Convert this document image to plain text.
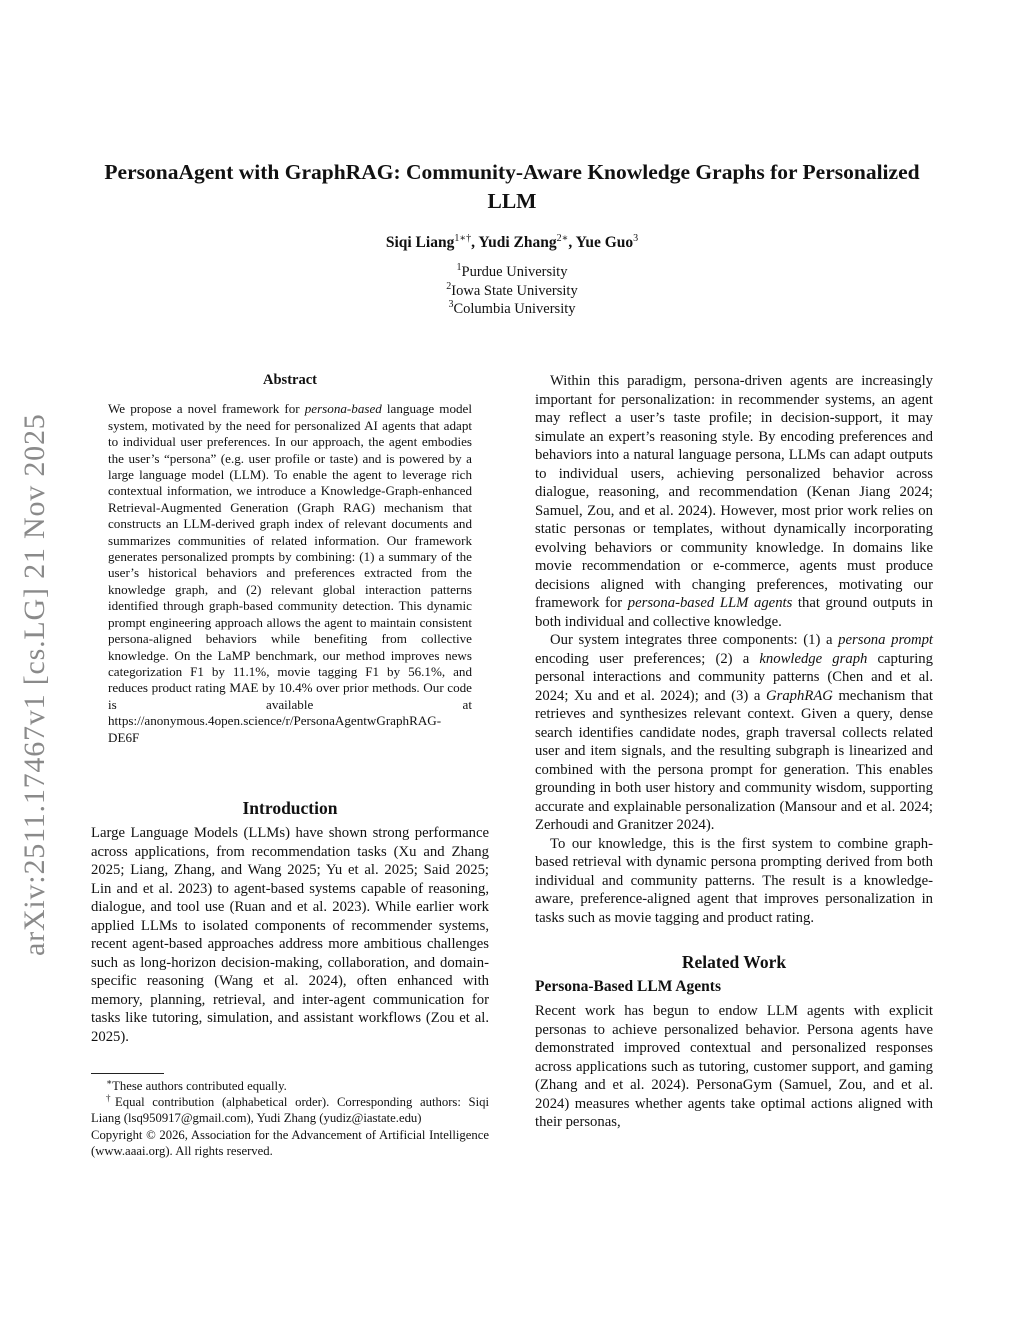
arXiv:2511.17467v1 [cs.LG] 21 Nov 2025
PersonaAgent with GraphRAG: Community-Aware Knowledge Graphs for Personalized LLM
Siqi Liang$^{1∗\dagger}$, Yudi Zhang$^{2∗}$, Yue Guo$^3$
$^1$Purdue University
$^2$Iowa State University
$^3$Columbia University
Abstract

We propose a novel framework for persona-based language model system, motivated by the need for personalized AI agents that adapt to individual user preferences. In our approach, the agent embodies the user’s “persona” (e.g. user profile or taste) and is powered by a large language model (LLM). To enable the agent to leverage rich contextual information, we introduce a Knowledge-Graph-enhanced Retrieval-Augmented Generation (Graph RAG) mechanism that constructs an LLM-derived graph index of relevant documents and summarizes communities of related information. Our framework generates personalized prompts by combining: (1) a summary of the user’s historical behaviors and preferences extracted from the knowledge graph, and (2) relevant global interaction patterns identified through graph-based community detection. This dynamic prompt engineering approach allows the agent to maintain consistent persona-aligned behaviors while benefiting from collective knowledge. On the LaMP benchmark, our method improves news categorization F1 by 11.1%, movie tagging F1 by 56.1%, and reduces product rating MAE by 10.4% over prior methods. Our code is available at https://anonymous.4open.science/r/PersonaAgentwGraphRAG-DE6F

Introduction

Large Language Models (LLMs) have shown strong performance across applications, from recommendation tasks (Xu and Zhang 2025; Liang, Zhang, and Wang 2025; Yu et al. 2025; Said 2025; Lin and et al. 2023) to agent-based systems capable of reasoning, dialogue, and tool use (Ruan and et al. 2023). While earlier work applied LLMs to isolated components of recommender systems, recent agent-based approaches address more ambitious challenges such as long-horizon decision-making, collaboration, and domain-specific reasoning (Wang et al. 2024), often enhanced with memory, planning, retrieval, and inter-agent communication for tasks like tutoring, simulation, and assistant workflows (Zou et al. 2025).

∗These authors contributed equally.

†Equal contribution (alphabetical order). Corresponding authors: Siqi Liang (lsq950917@gmail.com), Yudi Zhang (yudiz@iastate.edu)

Copyright © 2026, Association for the Advancement of Artificial Intelligence (www.aaai.org). All rights reserved.

Within this paradigm, persona-driven agents are increasingly important for personalization: in recommender systems, an agent may reflect a user’s taste profile; in decision-support, it may simulate an expert’s reasoning style. By encoding preferences and behaviors into a natural language persona, LLMs can adapt outputs to individual users, achieving personalized behavior across dialogue, reasoning, and recommendation (Kenan Jiang 2024; Samuel, Zou, and et al. 2024). However, most prior work relies on static personas or templates, without dynamically incorporating evolving behaviors or community knowledge. In domains like movie recommendation or e-commerce, agents must produce decisions aligned with changing preferences, motivating our framework for persona-based LLM agents that ground outputs in both individual and collective knowledge.

Our system integrates three components: (1) a persona prompt encoding user preferences; (2) a knowledge graph capturing personal interactions and community patterns (Chen and et al. 2024; Xu and et al. 2024); and (3) a GraphRAG mechanism that retrieves and synthesizes relevant context. Given a query, dense search identifies candidate nodes, graph traversal collects related user and item signals, and the resulting subgraph is linearized and combined with the persona prompt for generation. This enables grounding in both user history and community wisdom, supporting accurate and explainable personalization (Mansour and et al. 2024; Zerhoudi and Granitzer 2024).

To our knowledge, this is the first system to combine graph-based retrieval with dynamic persona prompting derived from both individual and community patterns. The result is a knowledge-aware, preference-aligned agent that improves personalization in tasks such as movie tagging and product rating.

Related Work
Persona-Based LLM Agents

Recent work has begun to endow LLM agents with explicit personas to achieve personalized behavior. Persona agents have demonstrated improved contextual and personalized responses across applications such as tutoring, customer support, and gaming (Zhang and et al. 2024). PersonaGym (Samuel, Zou, and et al. 2024) measures whether agents take optimal actions aligned with their personas,
